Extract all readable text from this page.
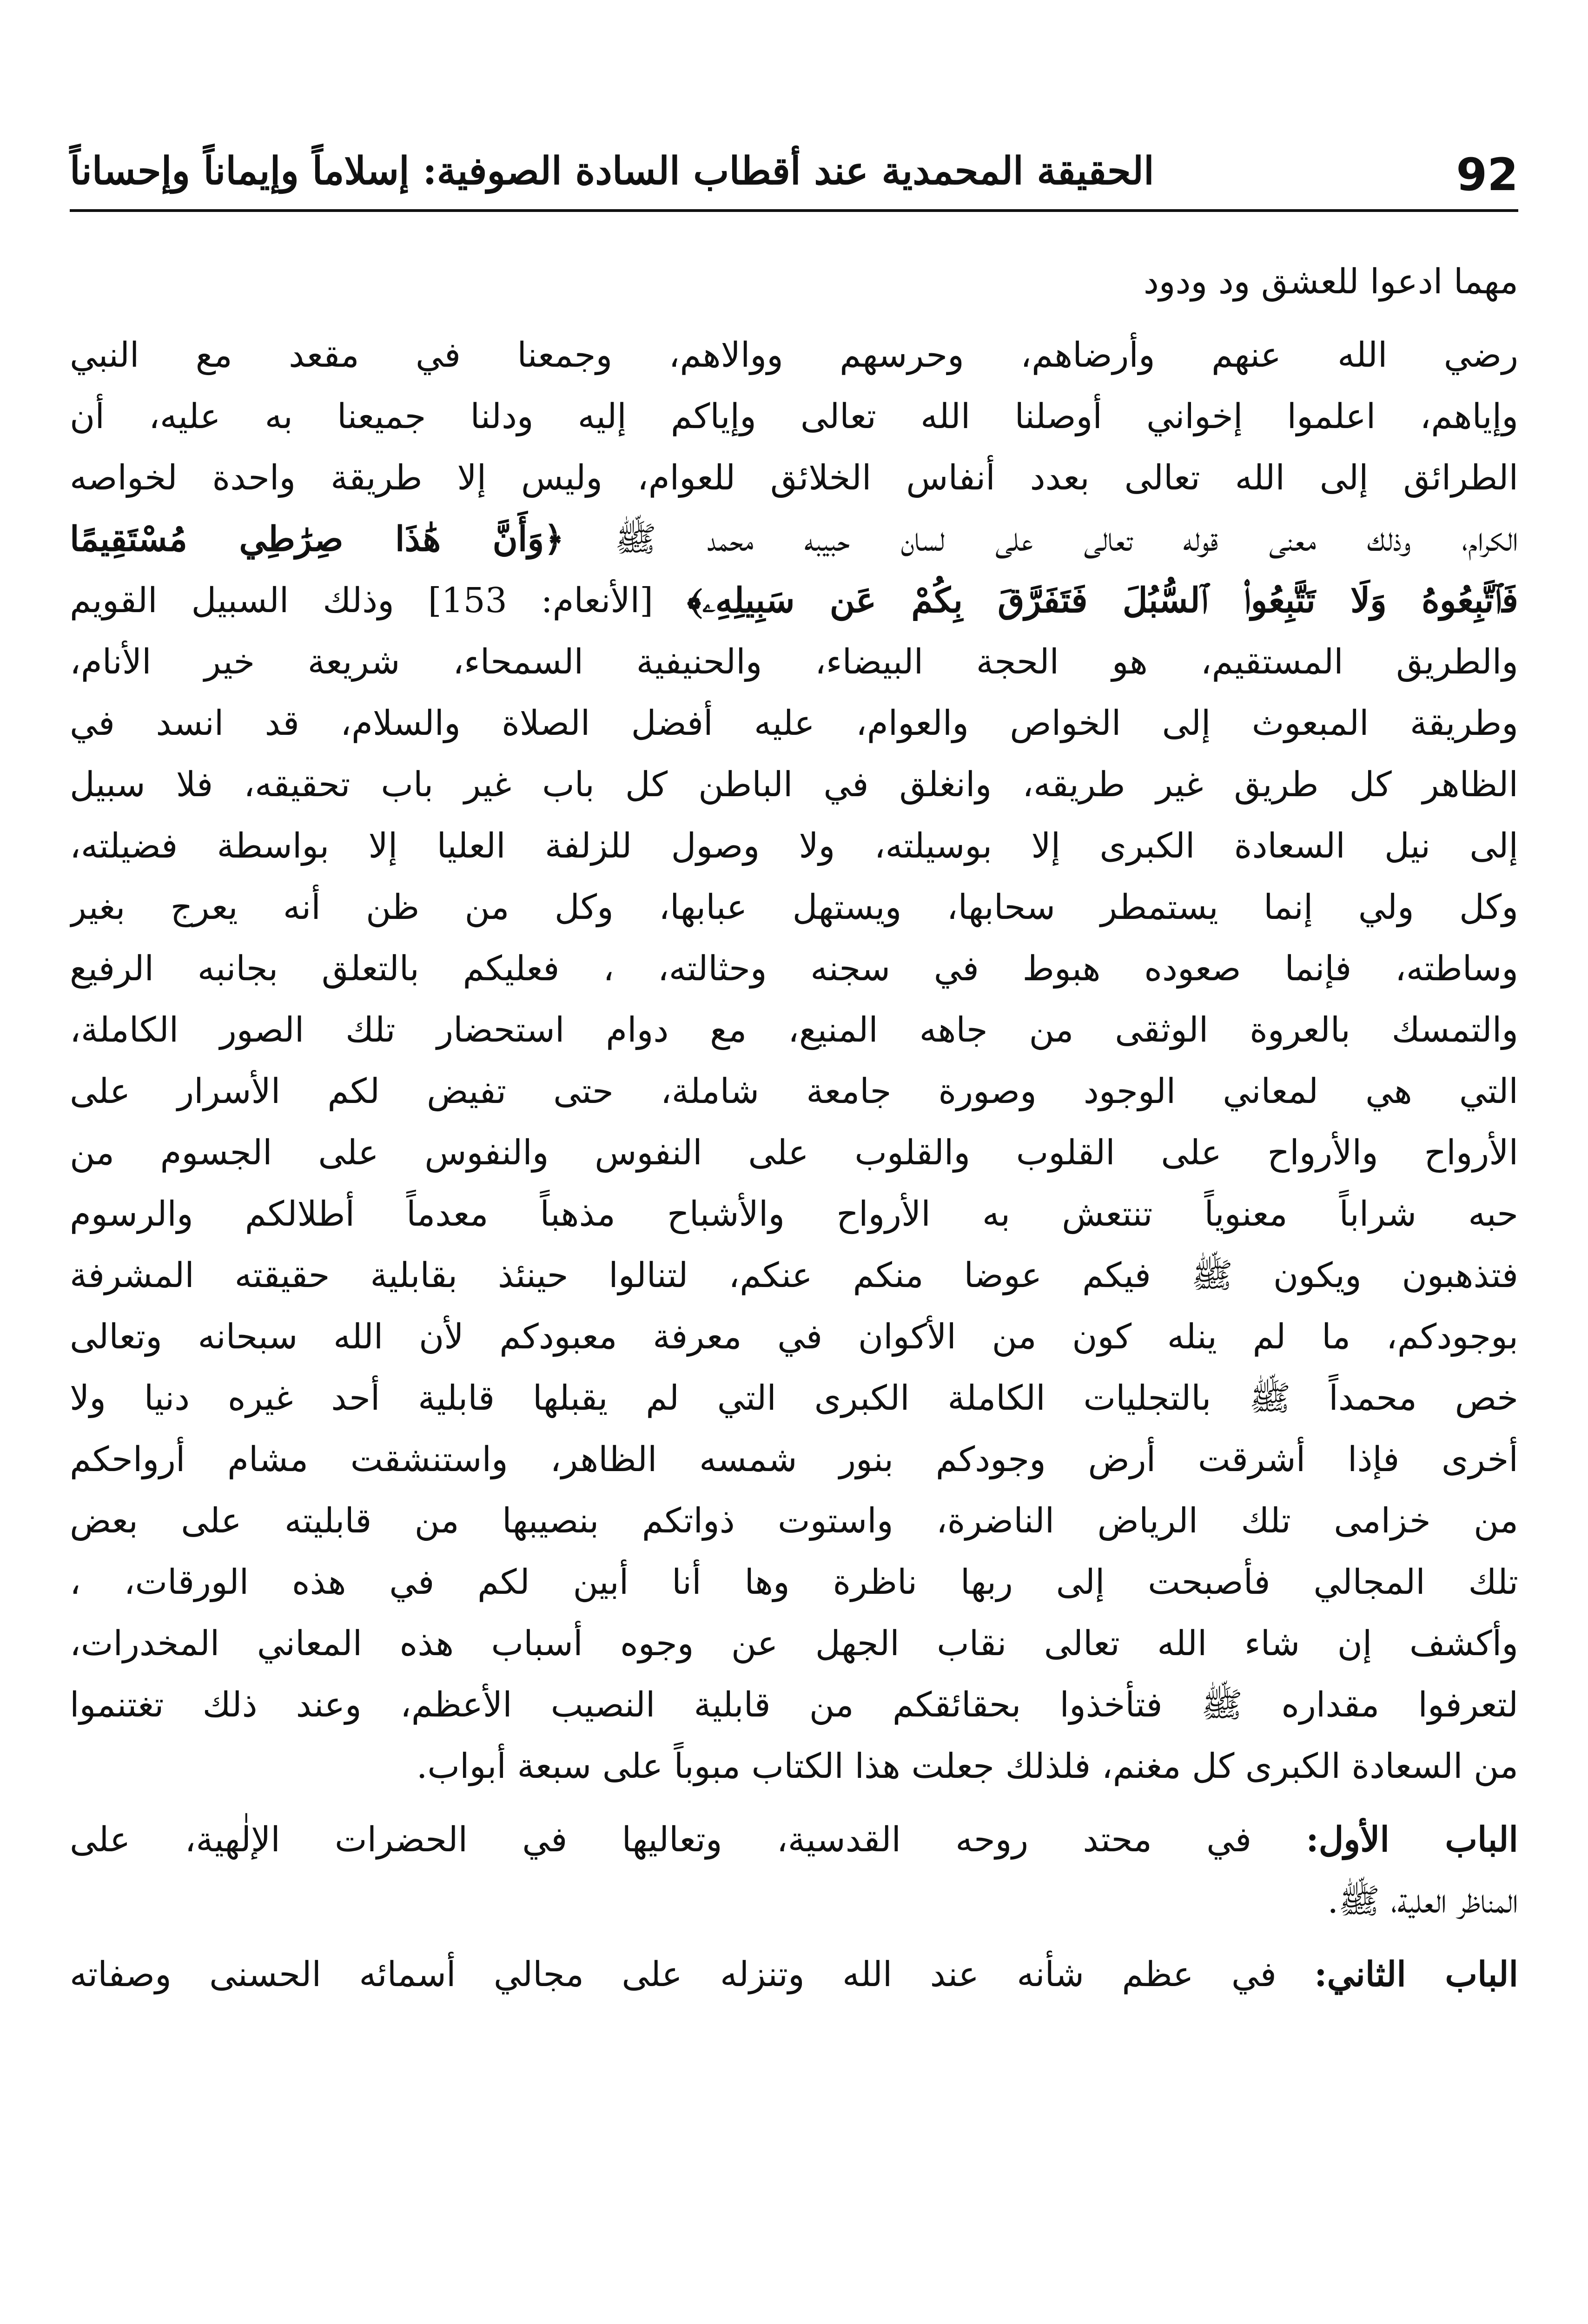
92
الحقيقة المحمدية عند أقطاب السادة الصوفية: إسلاماً وإيماناً وإحساناً
مهما ادعوا للعشق ود ودود
رضي الله عنهم وأرضاهم، وحرسهم ووالاهم، وجمعنا في مقعد مع النبي
وإياهم، اعلموا إخواني أوصلنا الله تعالى وإياكم إليه ودلنا جميعنا به عليه، أن
الطرائق إلى الله تعالى بعدد أنفاس الخلائق للعوام، وليس إلا طريقة واحدة لخواصه
الكرام، وذلك معنى قوله تعالى على لسان حبيبه محمد ﷺ ﴿وَأَنَّ هَٰذَا صِرَٰطِي مُسْتَقِيمًا
فَٱتَّبِعُوهُ وَلَا تَتَّبِعُوا۟ ٱلسُّبُلَ فَتَفَرَّقَ بِكُمْ عَن سَبِيلِهِۦ﴾ [الأنعام: 153] وذلك السبيل القويم
والطريق المستقيم، هو الحجة البيضاء، والحنيفية السمحاء، شريعة خير الأنام،
وطريقة المبعوث إلى الخواص والعوام، عليه أفضل الصلاة والسلام، قد انسد في
الظاهر كل طريق غير طريقه، وانغلق في الباطن كل باب غير باب تحقيقه، فلا سبيل
إلى نيل السعادة الكبرى إلا بوسيلته، ولا وصول للزلفة العليا إلا بواسطة فضيلته،
وكل ولي إنما يستمطر سحابها، ويستهل عبابها، وكل من ظن أنه يعرج بغير
وساطته، فإنما صعوده هبوط في سجنه وحثالته، ، فعليكم بالتعلق بجانبه الرفيع
والتمسك بالعروة الوثقى من جاهه المنيع، مع دوام استحضار تلك الصور الكاملة،
التي هي لمعاني الوجود وصورة جامعة شاملة، حتى تفيض لكم الأسرار على
الأرواح والأرواح على القلوب والقلوب على النفوس والنفوس على الجسوم من
حبه شراباً معنوياً تنتعش به الأرواح والأشباح مذهباً معدماً أطلالكم والرسوم
فتذهبون ويكون ﷺ فيكم عوضا منكم عنكم، لتنالوا حينئذ بقابلية حقيقته المشرفة
بوجودكم، ما لم ينله كون من الأكوان في معرفة معبودكم لأن الله سبحانه وتعالى
خص محمداً ﷺ بالتجليات الكاملة الكبرى التي لم يقبلها قابلية أحد غيره دنيا ولا
أخرى فإذا أشرقت أرض وجودكم بنور شمسه الظاهر، واستنشقت مشام أرواحكم
من خزامى تلك الرياض الناضرة، واستوت ذواتكم بنصيبها من قابليته على بعض
تلك المجالي فأصبحت إلى ربها ناظرة وها أنا أبين لكم في هذه الورقات، ،
وأكشف إن شاء الله تعالى نقاب الجهل عن وجوه أسباب هذه المعاني المخدرات،
لتعرفوا مقداره ﷺ فتأخذوا بحقائقكم من قابلية النصيب الأعظم، وعند ذلك تغتنموا
من السعادة الكبرى كل مغنم، فلذلك جعلت هذا الكتاب مبوباً على سبعة أبواب.
الباب الأول: في محتد روحه القدسية، وتعاليها في الحضرات الإلٰهية، على
المناظر العلية، ﷺ.
الباب الثاني: في عظم شأنه عند الله وتنزله على مجالي أسمائه الحسنى وصفاته
